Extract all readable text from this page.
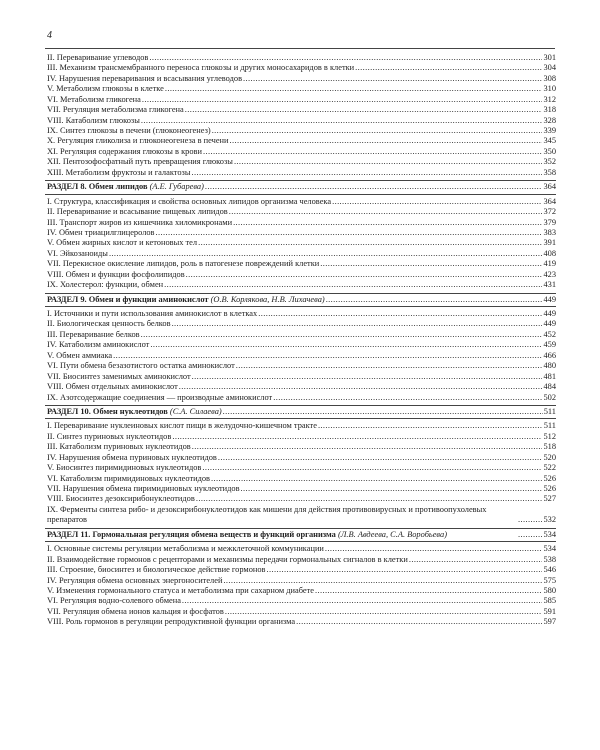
4
II. Переваривание углеводов .....	301
III. Механизм трансмембранного переноса глюкозы и других моносахаридов в клетки .....	304
IV. Нарушения переваривания и всасывания углеводов .....	308
V. Метаболизм глюкозы в клетке .....	310
VI. Метаболизм гликогена .....	312
VII. Регуляция метаболизма гликогена .....	318
VIII. Катаболизм глюкозы .....	328
IX. Синтез глюкозы в печени (глюконеогенез) .....	339
X. Регуляция гликолиза и глюконеогенеза в печени .....	345
XI. Регуляция содержания глюкозы в крови .....	350
XII. Пентозофосфатный путь превращения глюкозы .....	352
XIII. Метаболизм фруктозы и галактозы .....	358
РАЗДЕЛ 8. Обмен липидов (А.Е. Губарева) .....	364
I. Структура, классификация и свойства основных липидов организма человека .....	364
II. Переваривание и всасывание пищевых липидов .....	372
III. Транспорт жиров из кишечника хиломикронами .....	379
IV. Обмен триацилглицеролов .....	383
V. Обмен жирных кислот и кетоновых тел .....	391
VI. Эйкозаноиды .....	408
VII. Перекисное окисление липидов, роль в патогенезе повреждений клетки .....	419
VIII. Обмен и функции фосфолипидов .....	423
IX. Холестерол: функции, обмен .....	431
РАЗДЕЛ 9. Обмен и функции аминокислот (О.В. Корлякова, Н.В. Лихачева) .....	449
I. Источники и пути использования аминокислот в клетках .....	449
II. Биологическая ценность белков .....	449
III. Переваривание белков .....	452
IV. Катаболизм аминокислот .....	459
V. Обмен аммиака .....	466
VI. Пути обмена безазотистого остатка аминокислот .....	480
VII. Биосинтез заменимых аминокислот .....	481
VIII. Обмен отдельных аминокислот .....	484
IX. Азотсодержащие соединения — производные аминокислот .....	502
РАЗДЕЛ 10. Обмен нуклеотидов (С.А. Силаева) .....	511
I. Переваривание нуклеиновых кислот пищи в желудочно-кишечном тракте .....	511
II. Синтез пуриновых нуклеотидов .....	512
III. Катаболизм пуриновых нуклеотидов .....	518
IV. Нарушения обмена пуриновых нуклеотидов .....	520
V. Биосинтез пиримидиновых нуклеотидов .....	522
VI. Катаболизм пиримидиновых нуклеотидов .....	526
VII. Нарушения обмена пиримидиновых нуклеотидов .....	526
VIII. Биосинтез дезоксирибонуклеотидов .....	527
IX. Ферменты синтеза рибо- и дезоксирибонуклеотидов как мишени для действия противовирусных и противоопухолевых препаратов .....	532
РАЗДЕЛ 11. Гормональная регуляция обмена веществ и функций организма (Л.В. Авдеева, С.А. Воробьева) .....	534
I. Основные системы регуляции метаболизма и межклеточной коммуникации .....	534
II. Взаимодействие гормонов с рецепторами и механизмы передачи гормональных сигналов в клетки .....	538
III. Строение, биосинтез и биологическое действие гормонов .....	546
IV. Регуляция обмена основных энергоносителей .....	575
V. Изменения гормонального статуса и метаболизма при сахарном диабете .....	580
VI. Регуляция водно-солевого обмена .....	585
VII. Регуляция обмена ионов кальция и фосфатов .....	591
VIII. Роль гормонов в регуляции репродуктивной функции организма .....	597
